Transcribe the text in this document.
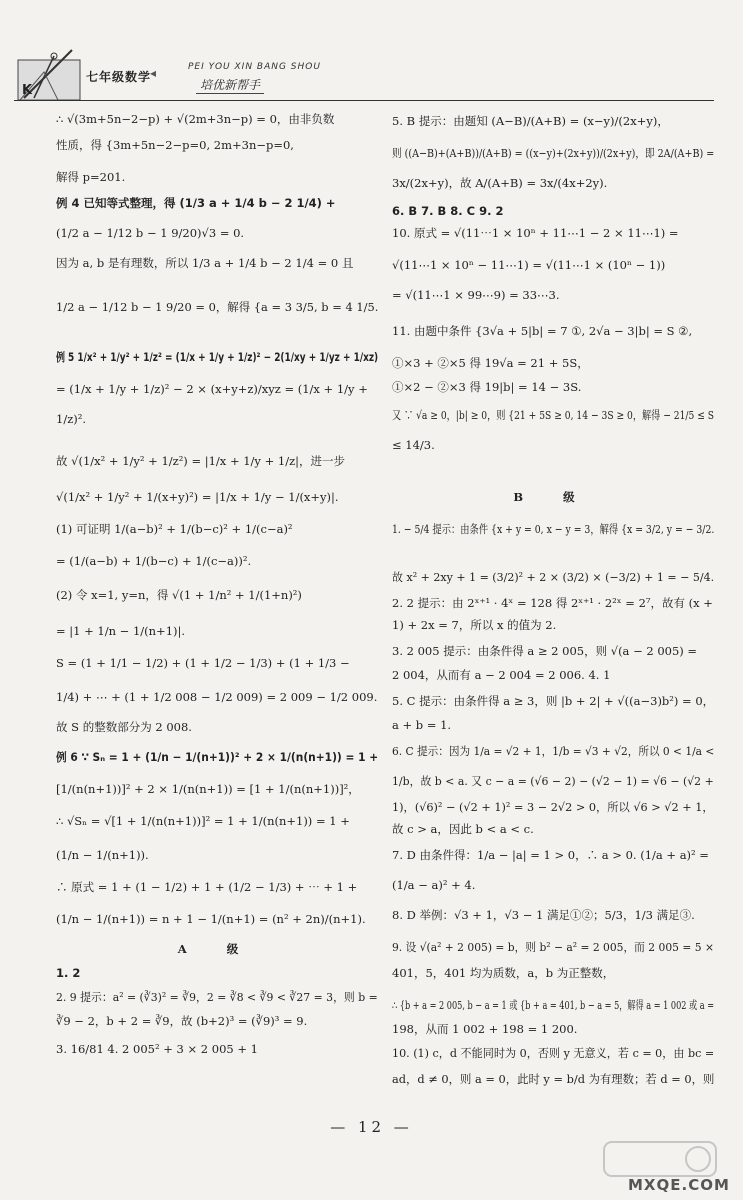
K
七年级数学
◂	PEI YOU XIN BANG SHOU
培优新帮手
∴ √(3m+5n−2−p) + √(2m+3n−p) = 0，由非负数
性质，得 {3m+5n−2−p=0, 2m+3n−p=0,
解得 p=201.
例 4 已知等式整理，得 (1/3 a + 1/4 b − 2 1/4) +
(1/2 a − 1/12 b − 1 9/20)√3 = 0.
因为 a, b 是有理数，所以 1/3 a + 1/4 b − 2 1/4 = 0 且
1/2 a − 1/12 b − 1 9/20 = 0，解得 {a = 3 3/5, b = 4 1/5.
例 5 1/x² + 1/y² + 1/z² = (1/x + 1/y + 1/z)² − 2(1/xy + 1/yz + 1/xz)
= (1/x + 1/y + 1/z)² − 2 × (x+y+z)/xyz = (1/x + 1/y +
1/z)².
故 √(1/x² + 1/y² + 1/z²) = |1/x + 1/y + 1/z|，进一步
√(1/x² + 1/y² + 1/(x+y)²) = |1/x + 1/y − 1/(x+y)|.
(1) 可证明 1/(a−b)² + 1/(b−c)² + 1/(c−a)²
= (1/(a−b) + 1/(b−c) + 1/(c−a))².
(2) 令 x=1, y=n，得 √(1 + 1/n² + 1/(1+n)²)
= |1 + 1/n − 1/(n+1)|.
S = (1 + 1/1 − 1/2) + (1 + 1/2 − 1/3) + (1 + 1/3 −
1/4) + ⋯ + (1 + 1/2 008 − 1/2 009) = 2 009 − 1/2 009.
故 S 的整数部分为 2 008.
例 6 ∵ Sₙ = 1 + (1/n − 1/(n+1))² + 2 × 1/(n(n+1)) = 1 +
[1/(n(n+1))]² + 2 × 1/(n(n+1)) = [1 + 1/(n(n+1))]²，
∴ √Sₙ = √[1 + 1/(n(n+1))]² = 1 + 1/(n(n+1)) = 1 +
(1/n − 1/(n+1)).
∴ 原式 = 1 + (1 − 1/2) + 1 + (1/2 − 1/3) + ⋯ + 1 +
(1/n − 1/(n+1)) = n + 1 − 1/(n+1) = (n² + 2n)/(n+1).
A 级
1. 2
2. 9 提示：a² = (∛3)² = ∛9，2 = ∛8 < ∛9 < ∛27 = 3，则 b =
∛9 − 2，b + 2 = ∛9，故 (b+2)³ = (∛9)³ = 9.
3. 16/81 4. 2 005² + 3 × 2 005 + 1
5. B 提示：由题知 (A−B)/(A+B) = (x−y)/(2x+y)，
则 ((A−B)+(A+B))/(A+B) = ((x−y)+(2x+y))/(2x+y)，即 2A/(A+B) =
3x/(2x+y)，故 A/(A+B) = 3x/(4x+2y).
6. B 7. B 8. C 9. 2
10. 原式 = √(11⋯1 × 10ⁿ + 11⋯1 − 2 × 11⋯1) =
√(11⋯1 × 10ⁿ − 11⋯1) = √(11⋯1 × (10ⁿ − 1))
= √(11⋯1 × 99⋯9) = 33⋯3.
11. 由题中条件 {3√a + 5|b| = 7 ①, 2√a − 3|b| = S ②,
①×3 + ②×5 得 19√a = 21 + 5S，
①×2 − ②×3 得 19|b| = 14 − 3S.
又 ∵ √a ≥ 0，|b| ≥ 0，则 {21 + 5S ≥ 0, 14 − 3S ≥ 0，解得 − 21/5 ≤ S
≤ 14/3.
B 级
1. − 5/4 提示：由条件 {x + y = 0, x − y = 3，解得 {x = 3/2, y = − 3/2.
故 x² + 2xy + 1 = (3/2)² + 2 × (3/2) × (−3/2) + 1 = − 5/4.
2. 2 提示：由 2ˣ⁺¹ · 4ˣ = 128 得 2ˣ⁺¹ · 2²ˣ = 2⁷，故有 (x +
1) + 2x = 7，所以 x 的值为 2.
3. 2 005 提示：由条件得 a ≥ 2 005，则 √(a − 2 005) =
2 004，从而有 a − 2 004 = 2 006. 4. 1
5. C 提示：由条件得 a ≥ 3，则 |b + 2| + √((a−3)b²) = 0，
a + b = 1.
6. C 提示：因为 1/a = √2 + 1，1/b = √3 + √2，所以 0 < 1/a <
1/b，故 b < a. 又 c − a = (√6 − 2) − (√2 − 1) = √6 − (√2 +
1)，(√6)² − (√2 + 1)² = 3 − 2√2 > 0，所以 √6 > √2 + 1，
故 c > a，因此 b < a < c.
7. D 由条件得：1/a − |a| = 1 > 0，∴ a > 0. (1/a + a)² =
(1/a − a)² + 4.
8. D 举例：√3 + 1，√3 − 1 满足①②；5/3，1/3 满足③.
9. 设 √(a² + 2 005) = b，则 b² − a² = 2 005，而 2 005 = 5 ×
401，5，401 均为质数，a，b 为正整数，
∴ {b + a = 2 005, b − a = 1 或 {b + a = 401, b − a = 5，解得 a = 1 002 或 a =
198，从而 1 002 + 198 = 1 200.
10. (1) c，d 不能同时为 0，否则 y 无意义，若 c = 0，由 bc =
ad，d ≠ 0，则 a = 0，此时 y = b/d 为有理数；若 d = 0，则
— 12 —
MXQE.COM
